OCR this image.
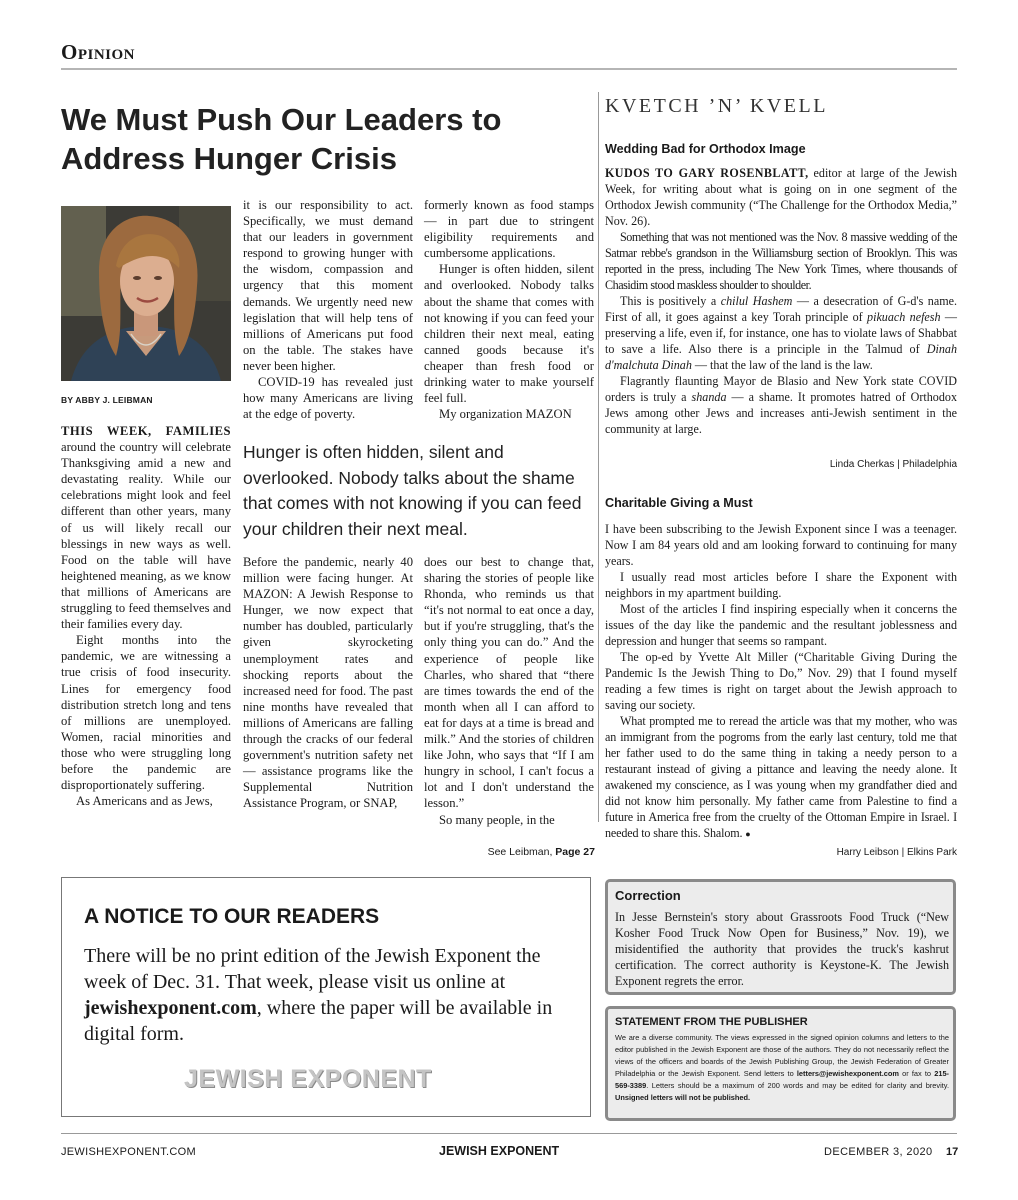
Opinion
We Must Push Our Leaders to Address Hunger Crisis
BY ABBY J. LEIBMAN

THIS WEEK, FAMILIES around the country will celebrate Thanksgiving amid a new and devastating reality. While our celebrations might look and feel different than other years, many of us will likely recall our blessings in new ways as well. Food on the table will have heightened meaning, as we know that millions of Americans are struggling to feed themselves and their families every day.

Eight months into the pandemic, we are witnessing a true crisis of food insecurity. Lines for emergency food distribution stretch long and tens of millions are unemployed. Women, racial minorities and those who were struggling long before the pandemic are disproportionately suffering.

As Americans and as Jews,

it is our responsibility to act. Specifically, we must demand that our leaders in government respond to growing hunger with the wisdom, compassion and urgency that this moment demands. We urgently need new legislation that will help tens of millions of Americans put food on the table. The stakes have never been higher.

COVID-19 has revealed just how many Americans are living at the edge of poverty.

formerly known as food stamps — in part due to stringent eligibility requirements and cumbersome applications.

Hunger is often hidden, silent and overlooked. Nobody talks about the shame that comes with not knowing if you can feed your children their next meal, eating canned goods because it's cheaper than fresh food or drinking water to make yourself feel full.

My organization MAZON

Hunger is often hidden, silent and overlooked. Nobody talks about the shame that comes with not knowing if you can feed your children their next meal.

Before the pandemic, nearly 40 million were facing hunger. At MAZON: A Jewish Response to Hunger, we now expect that number has doubled, particularly given skyrocketing unemployment rates and shocking reports about the increased need for food. The past nine months have revealed that millions of Americans are falling through the cracks of our federal government's nutrition safety net — assistance programs like the Supplemental Nutrition Assistance Program, or SNAP,

does our best to change that, sharing the stories of people like Rhonda, who reminds us that “it's not normal to eat once a day, but if you're struggling, that's the only thing you can do.” And the experience of people like Charles, who shared that “there are times towards the end of the month when all I can afford to eat for days at a time is bread and milk.” And the stories of children like John, who says that “If I am hungry in school, I can't focus a lot and I don't understand the lesson.”

So many people, in the

See Leibman, Page 27
KVETCH ’N’ KVELL
Wedding Bad for Orthodox Image

KUDOS TO GARY ROSENBLATT, editor at large of the Jewish Week, for writing about what is going on in one segment of the Orthodox Jewish community (“The Challenge for the Orthodox Media,” Nov. 26).

Something that was not mentioned was the Nov. 8 massive wedding of the Satmar rebbe's grandson in the Williamsburg section of Brooklyn. This was reported in the press, including The New York Times, where thousands of Chasidim stood maskless shoulder to shoulder.

This is positively a chilul Hashem — a desecration of G-d's name. First of all, it goes against a key Torah principle of pikuach nefesh — preserving a life, even if, for instance, one has to violate laws of Shabbat to save a life. Also there is a principle in the Talmud of Dinah d'malchuta Dinah — that the law of the land is the law.

Flagrantly flaunting Mayor de Blasio and New York state COVID orders is truly a shanda — a shame. It promotes hatred of Orthodox Jews among other Jews and increases anti-Jewish sentiment in the community at large.

Linda Cherkas | Philadelphia
Charitable Giving a Must

I have been subscribing to the Jewish Exponent since I was a teenager. Now I am 84 years old and am looking forward to continuing for many years.

I usually read most articles before I share the Exponent with neighbors in my apartment building.

Most of the articles I find inspiring especially when it concerns the issues of the day like the pandemic and the resultant joblessness and depression and hunger that seems so rampant.

The op-ed by Yvette Alt Miller (“Charitable Giving During the Pandemic Is the Jewish Thing to Do,” Nov. 29) that I found myself reading a few times is right on target about the Jewish approach to saving our society.

What prompted me to reread the article was that my mother, who was an immigrant from the pogroms from the early last century, told me that her father used to do the same thing in taking a needy person to a restaurant instead of giving a pittance and leaving the needy alone. It awakened my conscience, as I was young when my grandfather died and did not know him personally. My father came from Palestine to find a future in America free from the cruelty of the Ottoman Empire in Israel. I needed to share this. Shalom. ●

Harry Leibson | Elkins Park
A NOTICE TO OUR READERS
There will be no print edition of the Jewish Exponent the week of Dec. 31. That week, please visit us online at jewishexponent.com, where the paper will be available in digital form.
JEWISH EXPONENT
Correction
In Jesse Bernstein's story about Grassroots Food Truck (“New Kosher Food Truck Now Open for Business,” Nov. 19), we misidentified the authority that provides the truck's kashrut certification. The correct authority is Keystone-K. The Jewish Exponent regrets the error.
STATEMENT FROM THE PUBLISHER
We are a diverse community. The views expressed in the signed opinion columns and letters to the editor published in the Jewish Exponent are those of the authors. They do not necessarily reflect the views of the officers and boards of the Jewish Publishing Group, the Jewish Federation of Greater Philadelphia or the Jewish Exponent. Send letters to letters@jewishexponent.com or fax to 215-569-3389. Letters should be a maximum of 200 words and may be edited for clarity and brevity. Unsigned letters will not be published.
JEWISHEXPONENT.COM	JEWISH EXPONENT	DECEMBER 3, 2020 17
